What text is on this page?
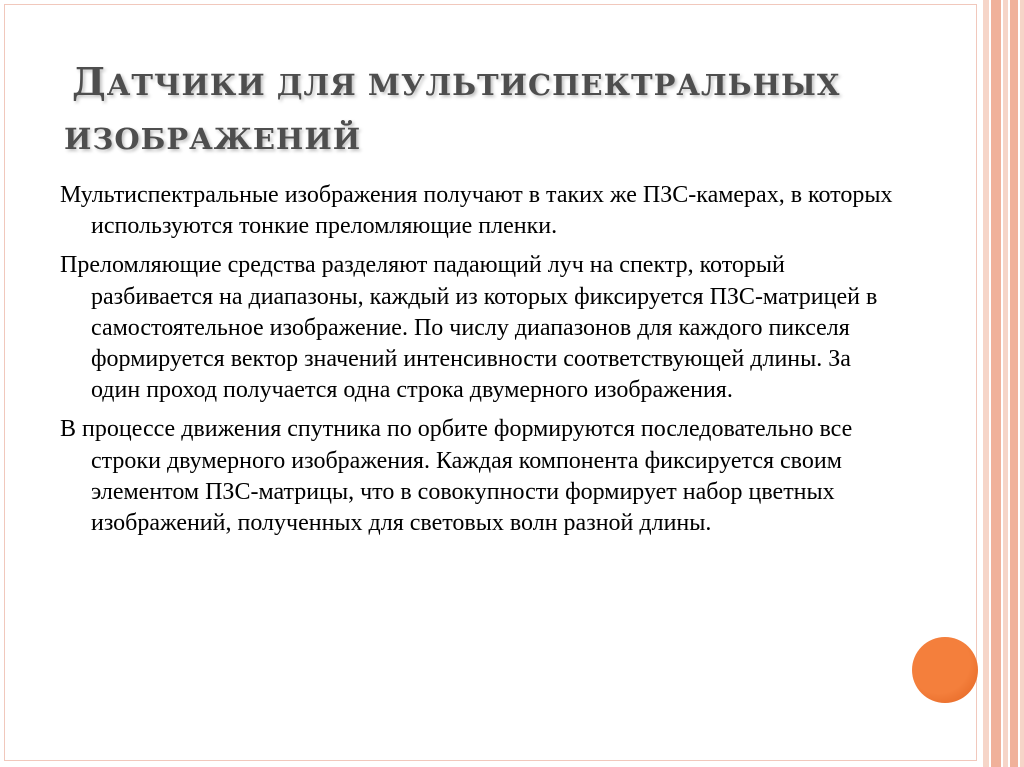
ДАТЧИКИ ДЛЯ МУЛЬТИСПЕКТРАЛЬНЫХ
ИЗОБРАЖЕНИЙ

Мультиспектральные изображения получают в таких же ПЗС-камерах, в которых используются тонкие преломляющие пленки.

Преломляющие средства разделяют падающий луч на спектр, который разбивается на диапазоны, каждый из которых фиксируется ПЗС-матрицей в самостоятельное изображение. По числу диапазонов для каждого пикселя формируется вектор значений интенсивности соответствующей длины. За один проход получается одна строка двумерного изображения.

В процессе движения спутника по орбите формируются последовательно все строки двумерного изображения. Каждая компонента фиксируется своим элементом ПЗС-матрицы, что в совокупности формирует набор цветных изображений, полученных для световых волн разной длины.
